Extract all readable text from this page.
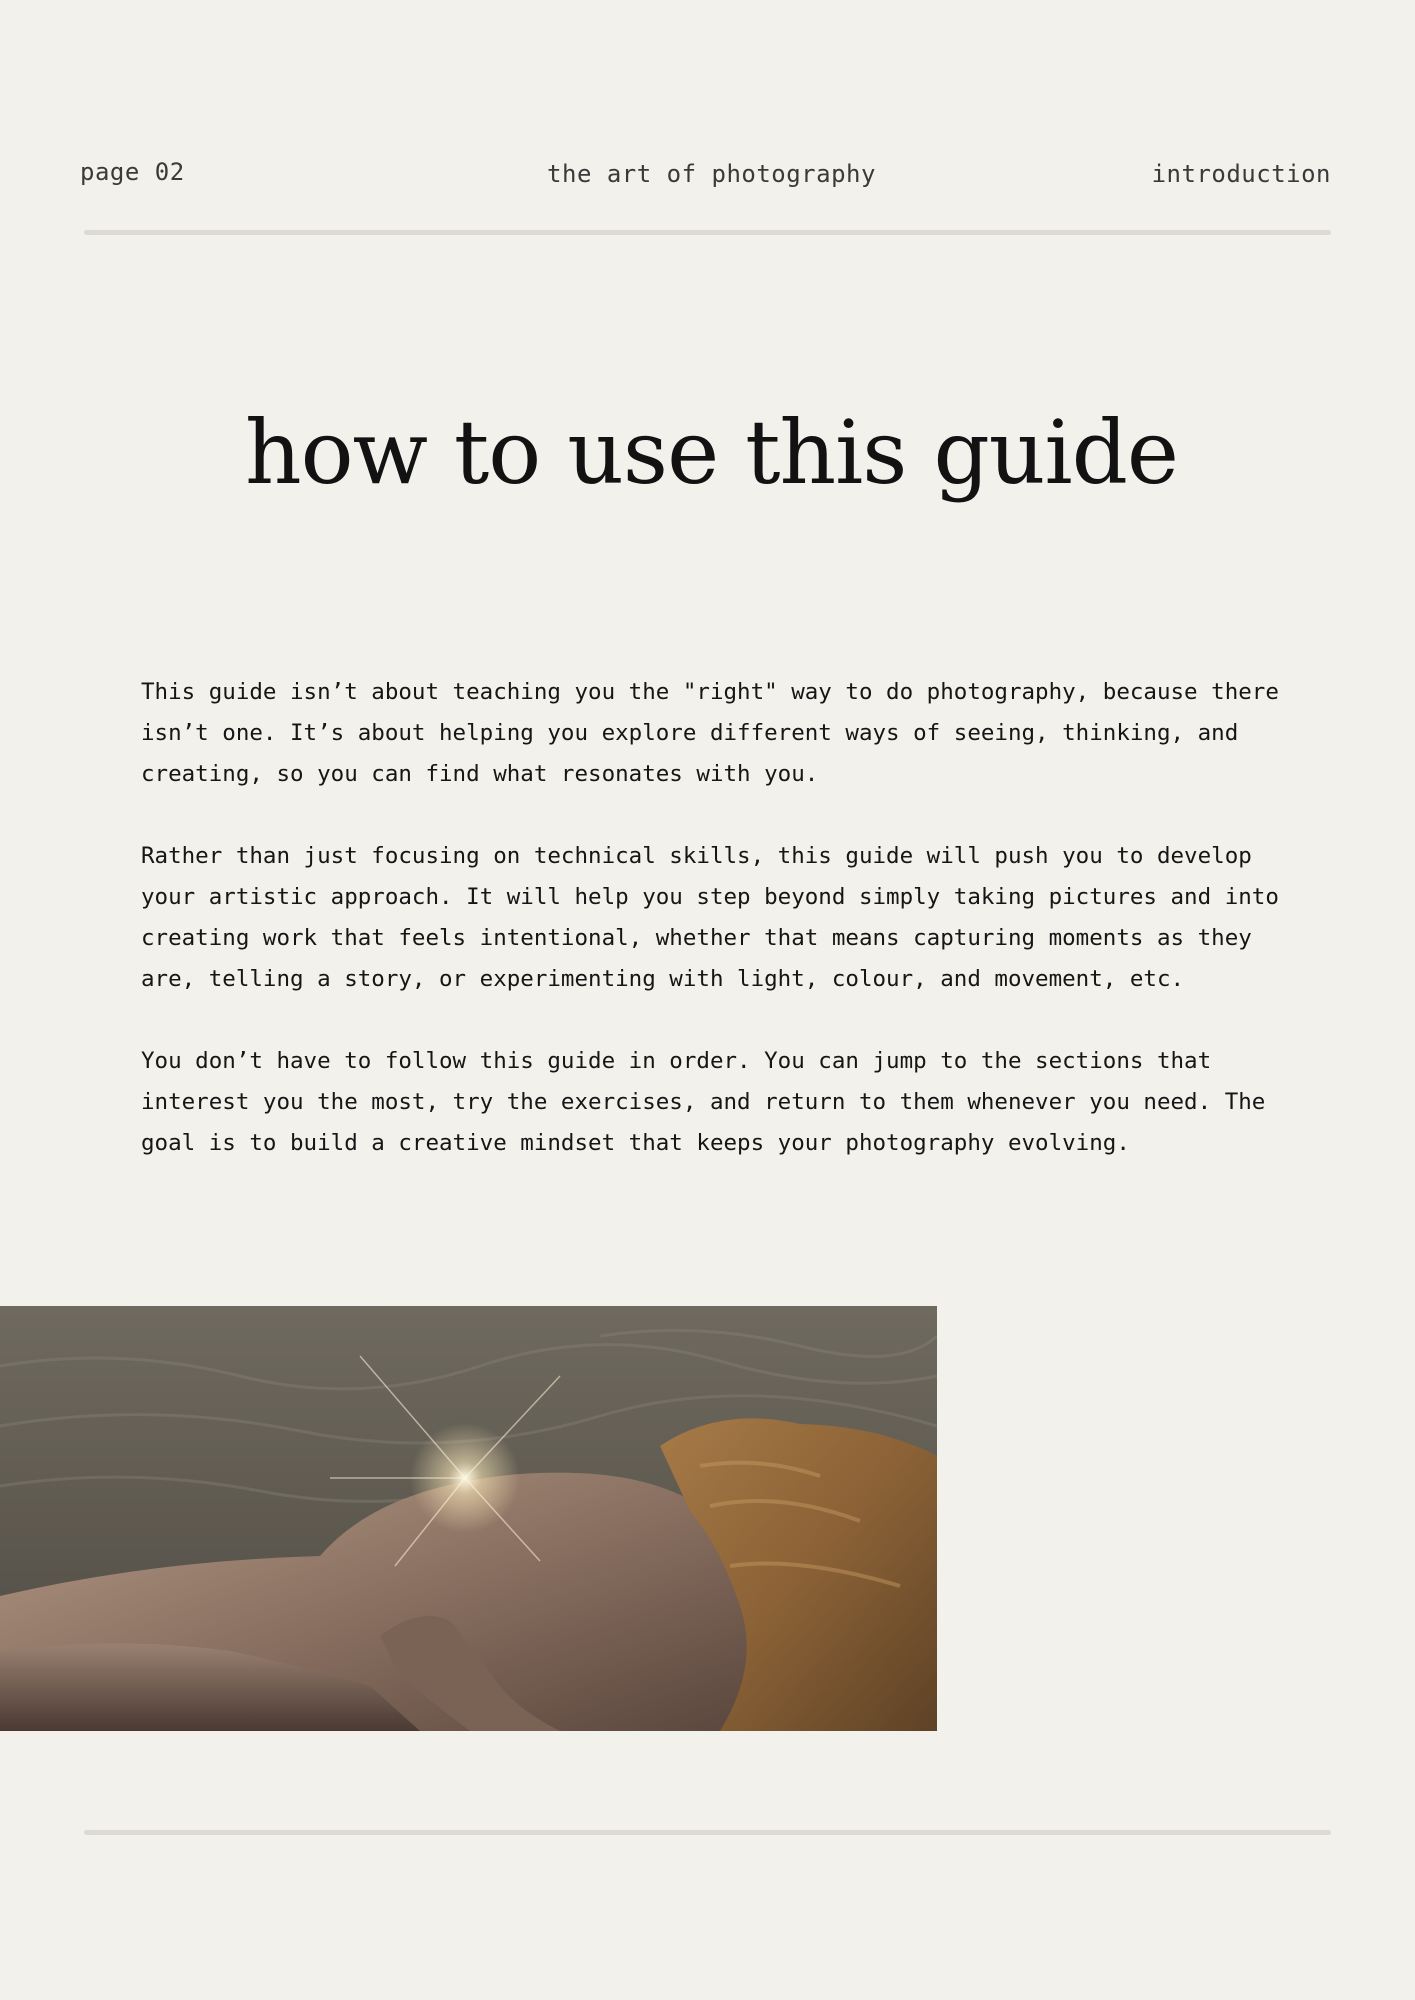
page 02	the art of photography	introduction
how to use this guide

This guide isn’t about teaching you the "right" way to do photography, because there isn’t one. It’s about helping you explore different ways of seeing, thinking, and creating, so you can find what resonates with you.

Rather than just focusing on technical skills, this guide will push you to develop your artistic approach. It will help you step beyond simply taking pictures and into creating work that feels intentional, whether that means capturing moments as they are, telling a story, or experimenting with light, colour, and movement, etc.

You don’t have to follow this guide in order. You can jump to the sections that interest you the most, try the exercises, and return to them whenever you need. The goal is to build a creative mindset that keeps your photography evolving.
